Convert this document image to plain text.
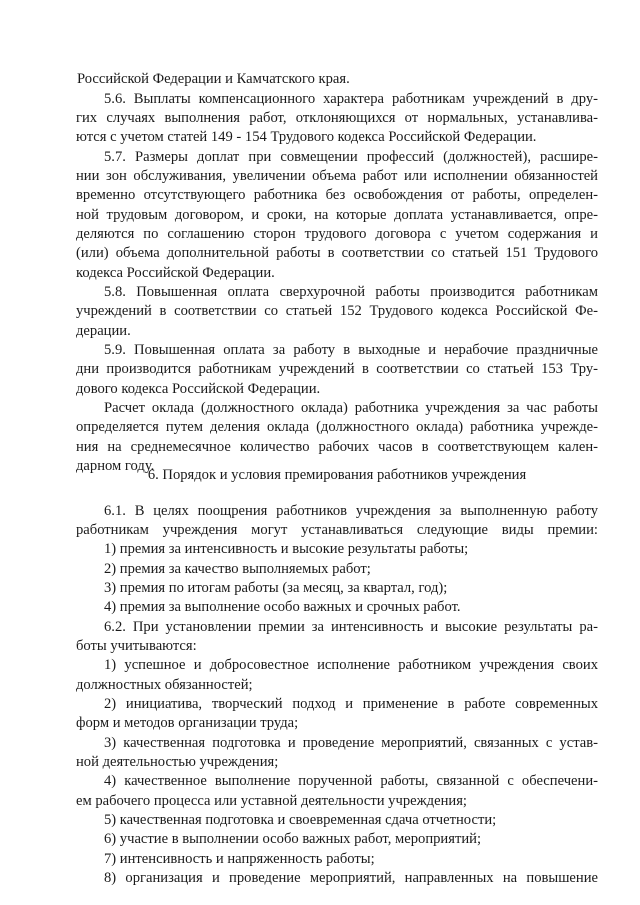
Российской Федерации и Камчатского края.
5.6. Выплаты компенсационного характера работникам учреждений в дру-
гих случаях выполнения работ, отклоняющихся от нормальных, устанавлива-
ются с учетом статей 149 - 154 Трудового кодекса Российской Федерации.
5.7. Размеры доплат при совмещении профессий (должностей), расшире-
нии зон обслуживания, увеличении объема работ или исполнении обязанностей
временно отсутствующего работника без освобождения от работы, определен-
ной трудовым договором, и сроки, на которые доплата устанавливается, опре-
деляются по соглашению сторон трудового договора с учетом содержания и
(или) объема дополнительной работы в соответствии со статьей 151 Трудового
кодекса Российской Федерации.
5.8. Повышенная оплата сверхурочной работы производится работникам
учреждений в соответствии со статьей 152 Трудового кодекса Российской Фе-
дерации.
5.9. Повышенная оплата за работу в выходные и нерабочие праздничные
дни производится работникам учреждений в соответствии со статьей 153 Тру-
дового кодекса Российской Федерации.
Расчет оклада (должностного оклада) работника учреждения за час работы
определяется путем деления оклада (должностного оклада) работника учрежде-
ния на среднемесячное количество рабочих часов в соответствующем кален-
дарном году.
6. Порядок и условия премирования работников учреждения
6.1. В целях поощрения работников учреждения за выполненную работу
работникам учреждения могут устанавливаться следующие виды премии:
1) премия за интенсивность и высокие результаты работы;
2) премия за качество выполняемых работ;
3) премия по итогам работы (за месяц, за квартал, год);
4) премия за выполнение особо важных и срочных работ.
6.2. При установлении премии за интенсивность и высокие результаты ра-
боты учитываются:
1) успешное и добросовестное исполнение работником учреждения своих
должностных обязанностей;
2) инициатива, творческий подход и применение в работе современных
форм и методов организации труда;
3) качественная подготовка и проведение мероприятий, связанных с устав-
ной деятельностью учреждения;
4) качественное выполнение порученной работы, связанной с обеспечени-
ем рабочего процесса или уставной деятельности учреждения;
5) качественная подготовка и своевременная сдача отчетности;
6) участие в выполнении особо важных работ, мероприятий;
7) интенсивность и напряженность работы;
8) организация и проведение мероприятий, направленных на повышение
